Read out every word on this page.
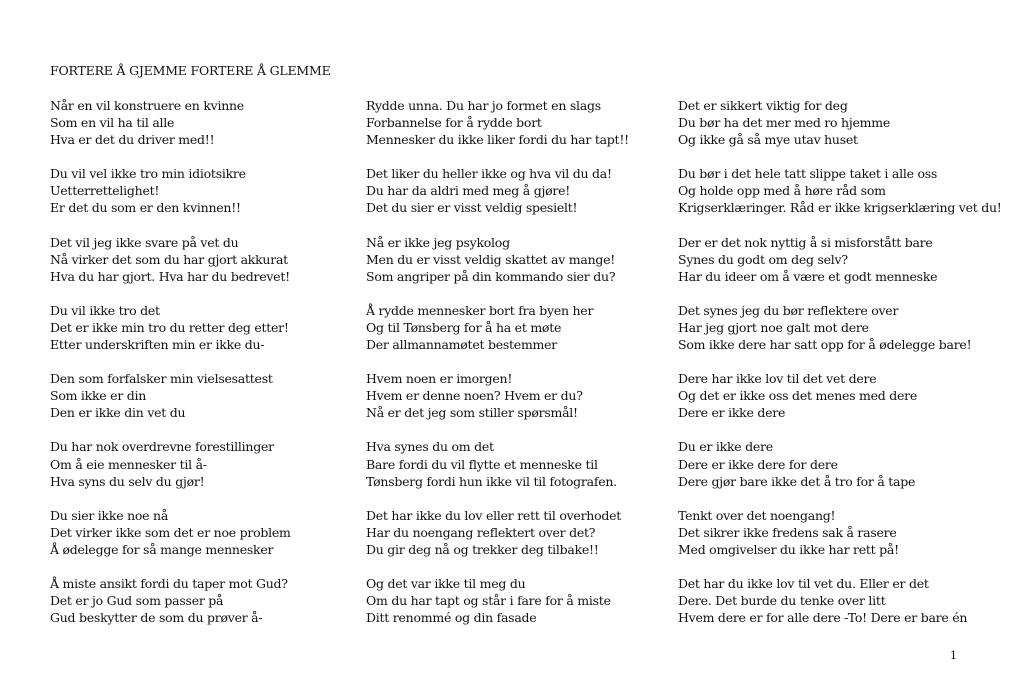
FORTERE Å GJEMME FORTERE Å GLEMME
Når en vil konstruere en kvinne
Som en vil ha til alle
Hva er det du driver med!!
Du vil vel ikke tro min idiotsikre
Uetterrettelighet!
Er det du som er den kvinnen!!
Det vil jeg ikke svare på vet du
Nå virker det som du har gjort akkurat
Hva du har gjort. Hva har du bedrevet!
Du vil ikke tro det
Det er ikke min tro du retter deg etter!
Etter underskriften min er ikke du-
Den som forfalsker min vielsesattest
Som ikke er din
Den er ikke din vet du
Du har nok overdrevne forestillinger
Om å eie mennesker til å-
Hva syns du selv du gjør!
Du sier ikke noe nå
Det virker ikke som det er noe problem
Å ødelegge for så mange mennesker
Å miste ansikt fordi du taper mot Gud?
Det er jo Gud som passer på
Gud beskytter de som du prøver å-
Rydde unna. Du har jo formet en slags
Forbannelse for å rydde bort
Mennesker du ikke liker fordi du har tapt!!
Det liker du heller ikke og hva vil du da!
Du har da aldri med meg å gjøre!
Det du sier er visst veldig spesielt!
Nå er ikke jeg psykolog
Men du er visst veldig skattet av mange!
Som angriper på din kommando sier du?
Å rydde mennesker bort fra byen her
Og til Tønsberg for å ha et møte
Der allmannamøtet bestemmer
Hvem noen er imorgen!
Hvem er denne noen? Hvem er du?
Nå er det jeg som stiller spørsmål!
Hva synes du om det
Bare fordi du vil flytte et menneske til
Tønsberg fordi hun ikke vil til fotografen.
Det har ikke du lov eller rett til overhodet
Har du noengang reflektert over det?
Du gir deg nå og trekker deg tilbake!!
Og det var ikke til meg du
Om du har tapt og står i fare for å miste
Ditt renommé og din fasade
Det er sikkert viktig for deg
Du bør ha det mer med ro hjemme
Og ikke gå så mye utav huset
Du bør i det hele tatt slippe taket i alle oss
Og holde opp med å høre råd som
Krigserklæringer. Råd er ikke krigserklæring vet du!
Der er det nok nyttig å si misforstått bare
Synes du godt om deg selv?
Har du ideer om å være et godt menneske
Det synes jeg du bør reflektere over
Har jeg gjort noe galt mot dere
Som ikke dere har satt opp for å ødelegge bare!
Dere har ikke lov til det vet dere
Og det er ikke oss det menes med dere
Dere er ikke dere
Du er ikke dere
Dere er ikke dere for dere
Dere gjør bare ikke det å tro for å tape
Tenkt over det noengang!
Det sikrer ikke fredens sak å rasere
Med omgivelser du ikke har rett på!
Det har du ikke lov til vet du. Eller er det
Dere. Det burde du tenke over litt
Hvem dere er for alle dere -To! Dere er bare én
1
